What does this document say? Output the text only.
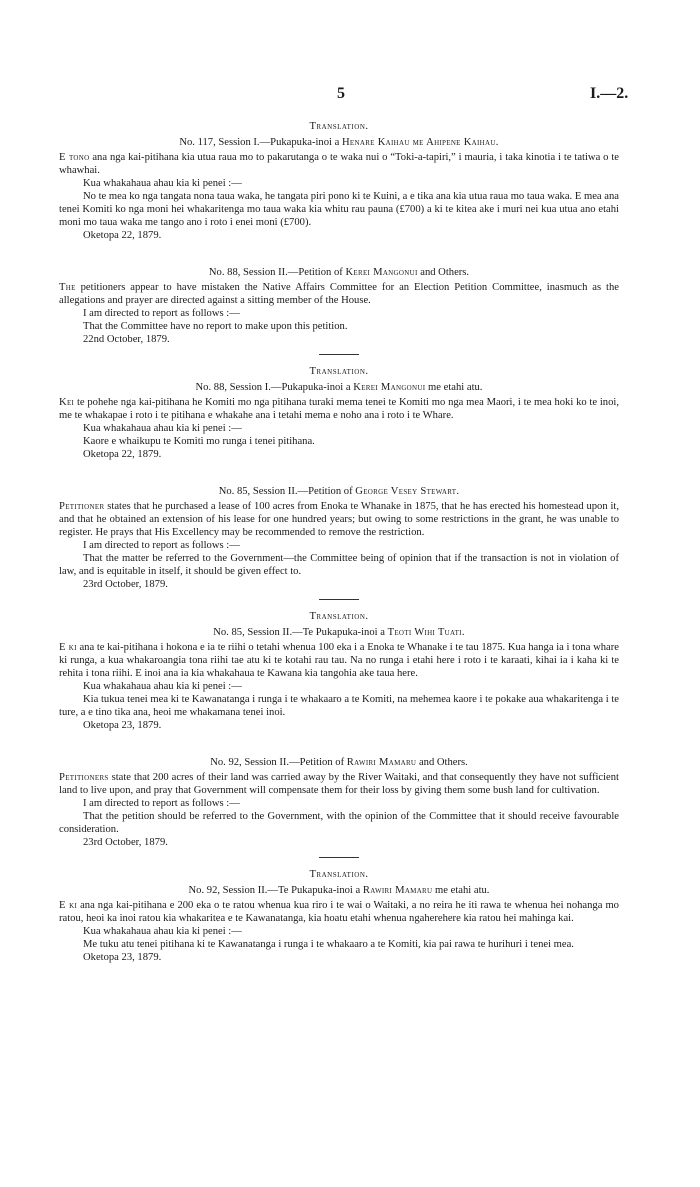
5	I.—2.
Translation.
No. 117, Session I.—Pukapuka-inoi a Henare Kaihau me Ahipene Kaihau.

E tono ana nga kai-pitihana kia utua raua mo to pakarutanga o te waka nui o “Toki-a-tapiri,” i mauria, i taka kinotia i te tatiwa o te whawhai.

Kua whakahaua ahau kia ki penei :—

No te mea ko nga tangata nona taua waka, he tangata piri pono ki te Kuini, a e tika ana kia utua raua mo taua waka. E mea ana tenei Komiti ko nga moni hei whakaritenga mo taua waka kia whitu rau pauna (£700) a ki te kitea ake i muri nei kua utua ano etahi moni mo taua waka me tango ano i roto i enei moni (£700).

Oketopa 22, 1879.

No. 88, Session II.—Petition of Kerei Mangonui and Others.

The petitioners appear to have mistaken the Native Affairs Committee for an Election Petition Committee, inasmuch as the allegations and prayer are directed against a sitting member of the House.

I am directed to report as follows :—

That the Committee have no report to make upon this petition.

22nd October, 1879.

Translation.
No. 88, Session I.—Pukapuka-inoi a Kerei Mangonui me etahi atu.

Kei te pohehe nga kai-pitihana he Komiti mo nga pitihana turaki mema tenei te Komiti mo nga mea Maori, i te mea hoki ko te inoi, me te whakapae i roto i te pitihana e whakahe ana i tetahi mema e noho ana i roto i te Whare.

Kua whakahaua ahau kia ki penei :—

Kaore e whaikupu te Komiti mo runga i tenei pitihana.

Oketopa 22, 1879.

No. 85, Session II.—Petition of George Vesey Stewart.

Petitioner states that he purchased a lease of 100 acres from Enoka te Whanake in 1875, that he has erected his homestead upon it, and that he obtained an extension of his lease for one hundred years; but owing to some restrictions in the grant, he was unable to register. He prays that His Excellency may be recommended to remove the restriction.

I am directed to report as follows :—

That the matter be referred to the Government—the Committee being of opinion that if the transaction is not in violation of law, and is equitable in itself, it should be given effect to.

23rd October, 1879.

Translation.
No. 85, Session II.—Te Pukapuka-inoi a Teoti Wihi Tuati.

E ki ana te kai-pitihana i hokona e ia te riihi o tetahi whenua 100 eka i a Enoka te Whanake i te tau 1875. Kua hanga ia i tona whare ki runga, a kua whakaroangia tona riihi tae atu ki te kotahi rau tau. Na no runga i etahi here i roto i te karaati, kihai ia i kaha ki te rehita i tona riihi. E inoi ana ia kia whakahaua te Kawana kia tangohia ake taua here.

Kua whakahaua ahau kia ki penei :—

Kia tukua tenei mea ki te Kawanatanga i runga i te whakaaro a te Komiti, na mehemea kaore i te pokake aua whakaritenga i te ture, a e tino tika ana, heoi me whakamana tenei inoi.

Oketopa 23, 1879.

No. 92, Session II.—Petition of Rawiri Mamaru and Others.

Petitioners state that 200 acres of their land was carried away by the River Waitaki, and that consequently they have not sufficient land to live upon, and pray that Government will compensate them for their loss by giving them some bush land for cultivation.

I am directed to report as follows :—

That the petition should be referred to the Government, with the opinion of the Committee that it should receive favourable consideration.

23rd October, 1879.

Translation.
No. 92, Session II.—Te Pukapuka-inoi a Rawiri Mamaru me etahi atu.

E ki ana nga kai-pitihana e 200 eka o te ratou whenua kua riro i te wai o Waitaki, a no reira he iti rawa te whenua hei nohanga mo ratou, heoi ka inoi ratou kia whakaritea e te Kawanatanga, kia hoatu etahi whenua ngaherehere kia ratou hei mahinga kai.

Kua whakahaua ahau kia ki penei :—

Me tuku atu tenei pitihana ki te Kawanatanga i runga i te whakaaro a te Komiti, kia pai rawa te hurihuri i tenei mea.

Oketopa 23, 1879.
